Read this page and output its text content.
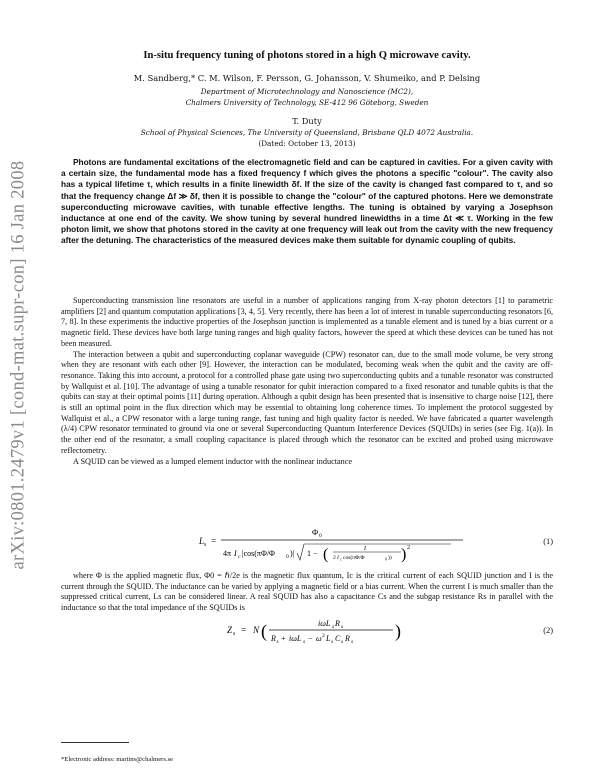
arXiv:0801.2479v1 [cond-mat.supr-con] 16 Jan 2008
In-situ frequency tuning of photons stored in a high Q microwave cavity.
M. Sandberg,* C. M. Wilson, F. Persson, G. Johansson, V. Shumeiko, and P. Delsing
Department of Microtechnology and Nanoscience (MC2),
Chalmers University of Technology, SE-412 96 Göteborg, Sweden
T. Duty
School of Physical Sciences, The University of Queensland, Brisbane QLD 4072 Australia.
(Dated: October 13, 2013)

Photons are fundamental excitations of the electromagnetic field and can be captured in cavities. For a given cavity with a certain size, the fundamental mode has a fixed frequency f which gives the photons a specific "colour". The cavity also has a typical lifetime τ, which results in a finite linewidth δf. If the size of the cavity is changed fast compared to τ, and so that the frequency change Δf ≫ δf, then it is possible to change the "colour" of the captured photons. Here we demonstrate superconducting microwave cavities, with tunable effective lengths. The tuning is obtained by varying a Josephson inductance at one end of the cavity. We show tuning by several hundred linewidths in a time Δt ≪ τ. Working in the few photon limit, we show that photons stored in the cavity at one frequency will leak out from the cavity with the new frequency after the detuning. The characteristics of the measured devices make them suitable for dynamic coupling of qubits.

Superconducting transmission line resonators are useful in a number of applications ranging from X-ray photon detectors [1] to parametric amplifiers [2] and quantum computation applications [3, 4, 5]. Very recently, there has been a lot of interest in tunable superconducting resonators [6, 7, 8]. In these experiments the inductive properties of the Josephson junction is implemented as a tunable element and is tuned by a bias current or a magnetic field. These devices have both large tuning ranges and high quality factors, however the speed at which these devices can be tuned has not been measured.

The interaction between a qubit and superconducting coplanar waveguide (CPW) resonator can, due to the small mode volume, be very strong when they are resonant with each other [9]. However, the interaction can be modulated, becoming weak when the qubit and the cavity are off-resonance. Taking this into account, a protocol for a controlled phase gate using two superconducting qubits and a tunable resonator was constructed by Wallquist et al. [10]. The advantage of using a tunable resonator for qubit interaction compared to a fixed resonator and tunable qubits is that the qubits can stay at their optimal points [11] during operation. Although a qubit design has been presented that is insensitive to charge noise [12], there is still an optimal point in the flux direction which may be essential to obtaining long coherence times. To implement the protocol suggested by Wallquist et al., a CPW resonator with a large tuning range, fast tuning and high quality factor is needed. We have fabricated a quarter wavelength (λ/4) CPW resonator terminated to ground via one or several Superconducting Quantum Interference Devices (SQUIDs) in series (see Fig. 1(a)). In the other end of the resonator, a small coupling capacitance is placed through which the resonator can be excited and probed using microwave reflectometry.

A SQUID can be viewed as a lumped element inductor with the nonlinear inductance

L s =
Φ 0
4π I c |cos(πΦ/Φ 0 )| 1 − (	I
2 I c cos(πΦ/Φ	0 )) ) 2
(1)

where Φ is the applied magnetic flux, Φ0 = ℏ/2e is the magnetic flux quantum, Ic is the critical current of each SQUID junction and I is the current through the SQUID. The inductance can be varied by applying a magnetic field or a bias current. When the current I is much smaller than the suppressed critical current, Ls can be considered linear. A real SQUID has also a capacitance Cs and the subgap resistance Rs in parallel with the inductance so that the total impedance of the SQUIDs is

Z s = N (	iωL s R s
R s + iωL s − ω 2 L s C s R s
)	(2)
*Electronic address: martins@chalmers.se
